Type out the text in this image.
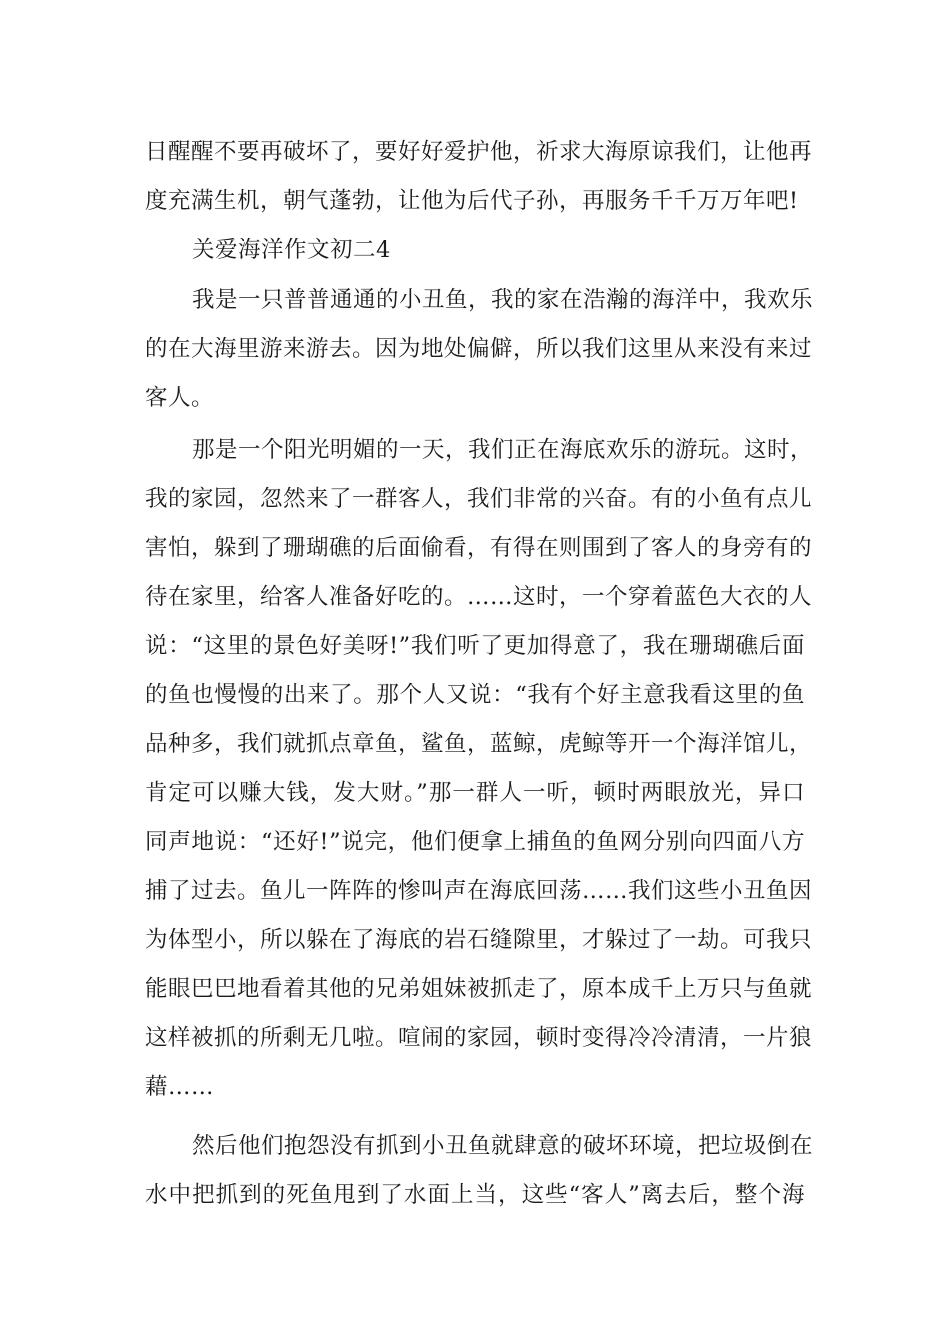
日醒醒不要再破坏了，要好好爱护他，祈求大海原谅我们，让他再
度充满生机，朝气蓬勃，让他为后代子孙，再服务千千万万年吧!
关爱海洋作文初二4
我是一只普普通通的小丑鱼，我的家在浩瀚的海洋中，我欢乐
的在大海里游来游去。因为地处偏僻，所以我们这里从来没有来过
客人。
那是一个阳光明媚的一天，我们正在海底欢乐的游玩。这时，
我的家园，忽然来了一群客人，我们非常的兴奋。有的小鱼有点儿
害怕，躲到了珊瑚礁的后面偷看，有得在则围到了客人的身旁有的
待在家里，给客人准备好吃的。……这时，一个穿着蓝色大衣的人
说：“这里的景色好美呀!”我们听了更加得意了，我在珊瑚礁后面
的鱼也慢慢的出来了。那个人又说：“我有个好主意我看这里的鱼
品种多，我们就抓点章鱼，鲨鱼，蓝鲸，虎鲸等开一个海洋馆儿，
肯定可以赚大钱，发大财。”那一群人一听，顿时两眼放光，异口
同声地说：“还好!”说完，他们便拿上捕鱼的鱼网分别向四面八方
捕了过去。鱼儿一阵阵的惨叫声在海底回荡……我们这些小丑鱼因
为体型小，所以躲在了海底的岩石缝隙里，才躲过了一劫。可我只
能眼巴巴地看着其他的兄弟姐妹被抓走了，原本成千上万只与鱼就
这样被抓的所剩无几啦。喧闹的家园，顿时变得冷冷清清，一片狼
藉……
然后他们抱怨没有抓到小丑鱼就肆意的破坏环境，把垃圾倒在
水中把抓到的死鱼甩到了水面上当，这些“客人”离去后，整个海
